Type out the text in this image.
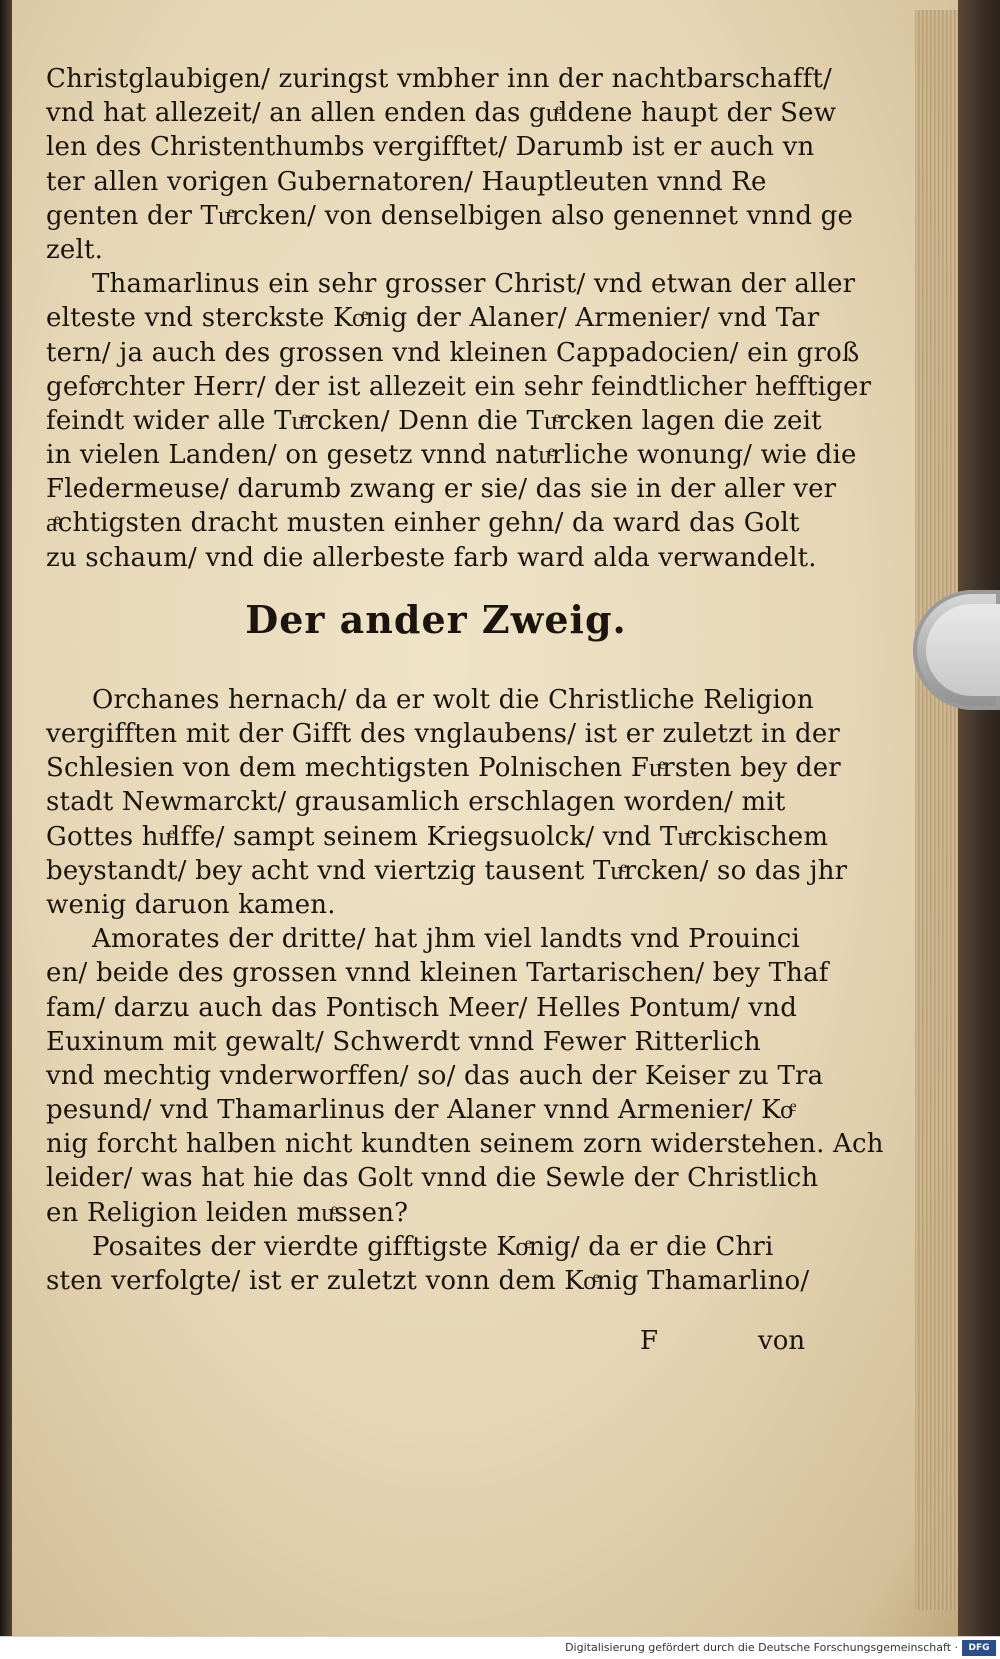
Christglaubigen/ zuringst vmbher inn der nachtbarschafft/
vnd hat allezeit/ an allen enden das guͤldene haupt der Sew
len des Christenthumbs vergifftet/ Darumb ist er auch vn
ter allen vorigen Gubernatoren/ Hauptleuten vnnd Re
genten der Tuͤrcken/ von denselbigen also genennet vnnd ge
zelt.
Thamarlinus ein sehr grosser Christ/ vnd etwan der aller
elteste vnd sterckste Koͤnig der Alaner/ Armenier/ vnd Tar
tern/ ja auch des grossen vnd kleinen Cappadocien/ ein groß
gefoͤrchter Herr/ der ist allezeit ein sehr feindtlicher hefftiger
feindt wider alle Tuͤrcken/ Denn die Tuͤrcken lagen die zeit
in vielen Landen/ on gesetz vnnd natuͤrliche wonung/ wie die
Fledermeuse/ darumb zwang er sie/ das sie in der aller ver
aͤchtigsten dracht musten einher gehn/ da ward das Golt
zu schaum/ vnd die allerbeste farb ward alda verwandelt.
Der ander Zweig.
Orchanes hernach/ da er wolt die Christliche Religion
vergifften mit der Gifft des vnglaubens/ ist er zuletzt in der
Schlesien von dem mechtigsten Polnischen Fuͤrsten bey der
stadt Newmarckt/ grausamlich erschlagen worden/ mit
Gottes huͤlffe/ sampt seinem Kriegsuolck/ vnd Tuͤrckischem
beystandt/ bey acht vnd viertzig tausent Tuͤrcken/ so das jhr
wenig daruon kamen.
Amorates der dritte/ hat jhm viel landts vnd Prouinci
en/ beide des grossen vnnd kleinen Tartarischen/ bey Thaf
fam/ darzu auch das Pontisch Meer/ Helles Pontum/ vnd
Euxinum mit gewalt/ Schwerdt vnnd Fewer Ritterlich
vnd mechtig vnderworffen/ so/ das auch der Keiser zu Tra
pesund/ vnd Thamarlinus der Alaner vnnd Armenier/ Koͤ
nig forcht halben nicht kundten seinem zorn widerstehen. Ach
leider/ was hat hie das Golt vnnd die Sewle der Christlich
en Religion leiden muͤssen?
Posaites der vierdte gifftigste Koͤnig/ da er die Chri
sten verfolgte/ ist er zuletzt vonn dem Koͤnig Thamarlino/
F	von
Digitalisierung gefördert durch die Deutsche Forschungsgemeinschaft ·	DFG
